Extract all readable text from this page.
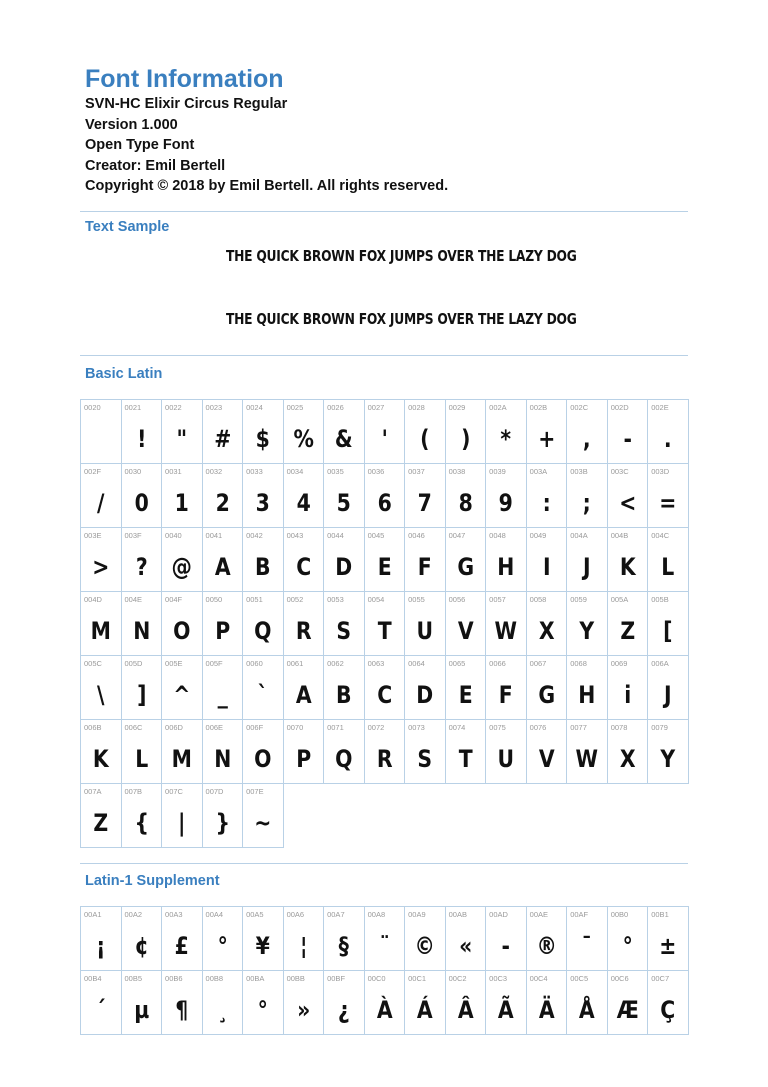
Font Information
SVN-HC Elixir Circus Regular
Version 1.000
Open Type Font
Creator: Emil Bertell
Copyright © 2018 by Emil Bertell. All rights reserved.
Text Sample
THE QUICK BROWN FOX JUMPS OVER THE LAZY DOG
THE QUICK BROWN FOX JUMPS OVER THE LAZY DOG
Basic Latin
0020	0021
!
0022
"
0023
#
0024
$
0025
%
0026
&
0027
'
0028
(
0029
)
002A
*
002B
+
002C
,
002D
-
002E
.
002F
/
0030
0
0031
1
0032
2
0033
3
0034
4
0035
5
0036
6
0037
7
0038
8
0039
9
003A
:
003B
;
003C
<
003D
=
003E
>
003F
?
0040
@
0041
A
0042
B
0043
C
0044
D
0045
E
0046
F
0047
G
0048
H
0049
I
004A
J
004B
K
004C
L
004D
M
004E
N
004F
O
0050
P
0051
Q
0052
R
0053
S
0054
T
0055
U
0056
V
0057
W
0058
X
0059
Y
005A
Z
005B
[
005C
\
005D
]
005E
^
005F
_
0060
`
0061
A
0062
B
0063
C
0064
D
0065
E
0066
F
0067
G
0068
H
0069
i
006A
J
006B
K
006C
L
006D
M
006E
N
006F
O
0070
P
0071
Q
0072
R
0073
S
0074
T
0075
U
0076
V
0077
W
0078
X
0079
Y
007A
Z
007B
{
007C
|
007D
}
007E
~
Latin-1 Supplement
00A1
¡
00A2
¢
00A3
£
00A4
°
00A5
¥
00A6
¦
00A7
§
00A8
¨
00A9
©
00AB
«
00AD
-
00AE
®
00AF
¯
00B0
°
00B1
±
00B4
´
00B5
µ
00B6
¶
00B8
¸
00BA
°
00BB
»
00BF
¿
00C0
À
00C1
Á
00C2
Â
00C3
Ã
00C4
Ä
00C5
Å
00C6
Æ
00C7
Ç
